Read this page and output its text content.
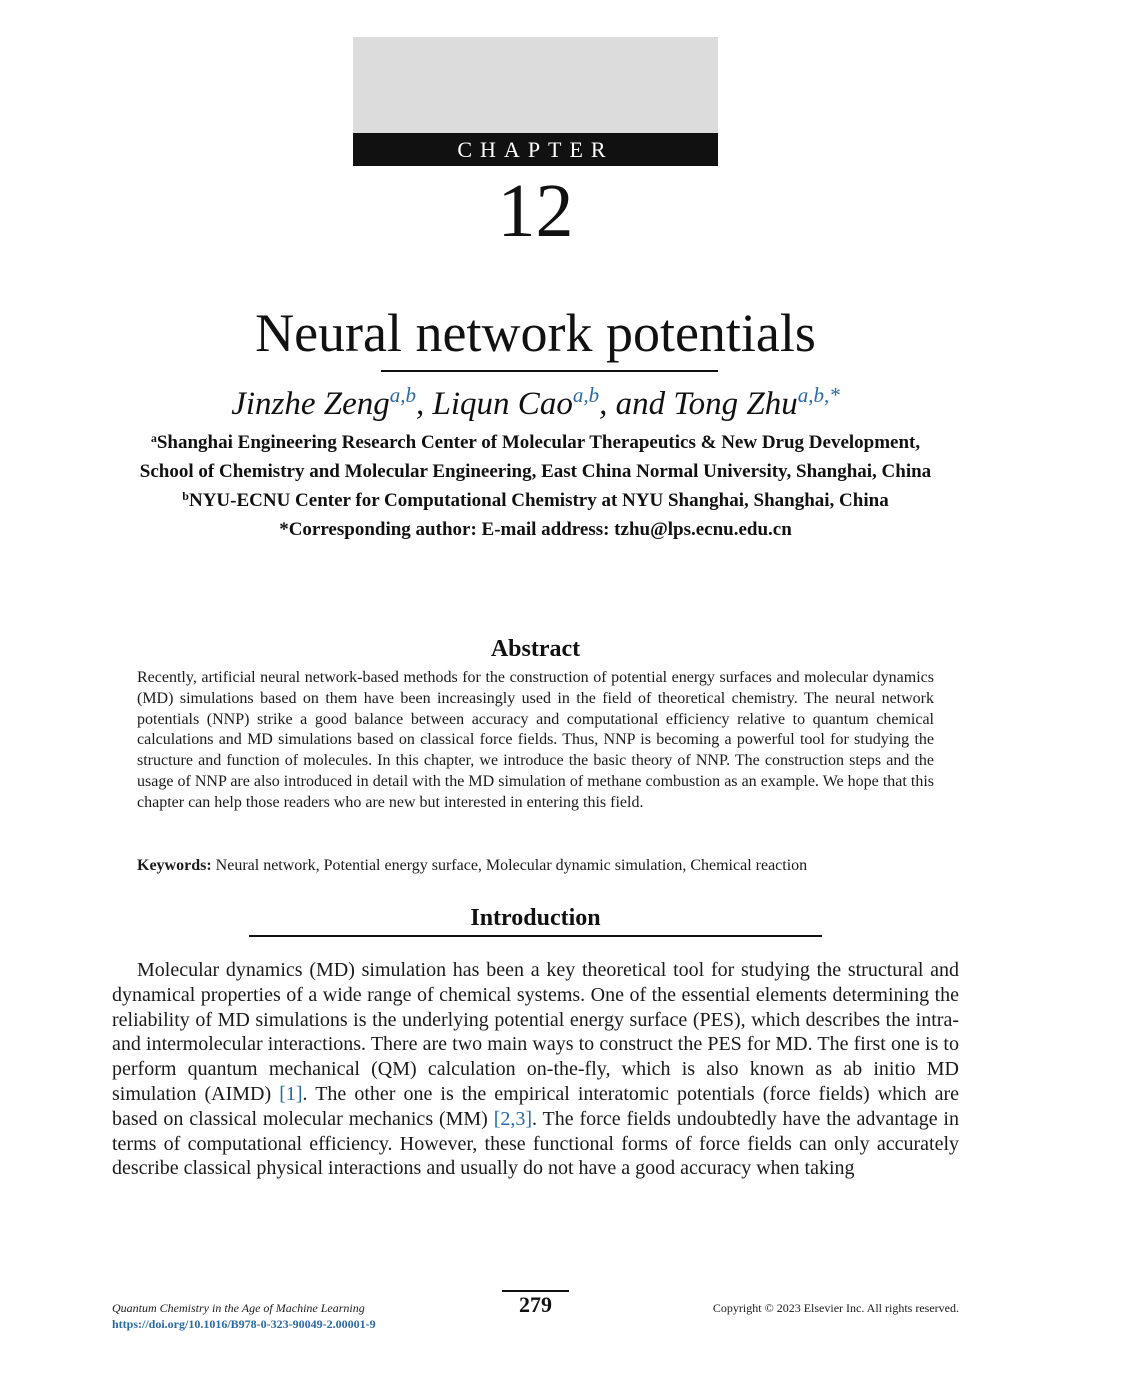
CHAPTER
12
Neural network potentials
Jinzhe Zeng$^{a,b}$, Liqun Cao$^{a,b}$, and Tong Zhu$^{a,b,*}$
$^a$Shanghai Engineering Research Center of Molecular Therapeutics & New Drug Development,
School of Chemistry and Molecular Engineering, East China Normal University, Shanghai, China
$^b$NYU-ECNU Center for Computational Chemistry at NYU Shanghai, Shanghai, China
*Corresponding author: E-mail address: tzhu@lps.ecnu.edu.cn
Abstract
Recently, artificial neural network-based methods for the construction of potential energy surfaces and molecular dynamics (MD) simulations based on them have been increasingly used in the field of theoretical chemistry. The neural network potentials (NNP) strike a good balance between accuracy and computational efficiency relative to quantum chemical calculations and MD simulations based on classical force fields. Thus, NNP is becoming a powerful tool for studying the structure and function of molecules. In this chapter, we introduce the basic theory of NNP. The construction steps and the usage of NNP are also introduced in detail with the MD simulation of methane combustion as an example. We hope that this chapter can help those readers who are new but interested in entering this field.
Keywords: Neural network, Potential energy surface, Molecular dynamic simulation, Chemical reaction
Introduction
Molecular dynamics (MD) simulation has been a key theoretical tool for studying the structural and dynamical properties of a wide range of chemical systems. One of the essential elements determining the reliability of MD simulations is the underlying potential energy surface (PES), which describes the intra- and intermolecular interactions. There are two main ways to construct the PES for MD. The first one is to perform quantum mechanical (QM) calculation on-the-fly, which is also known as ab initio MD simulation (AIMD) [1]. The other one is the empirical interatomic potentials (force fields) which are based on classical molecular mechanics (MM) [2,3]. The force fields undoubtedly have the advantage in terms of computational efficiency. However, these functional forms of force fields can only accurately describe classical physical interactions and usually do not have a good accuracy when taking
Quantum Chemistry in the Age of Machine Learning
https://doi.org/10.1016/B978-0-323-90049-2.00001-9
279	Copyright © 2023 Elsevier Inc. All rights reserved.
